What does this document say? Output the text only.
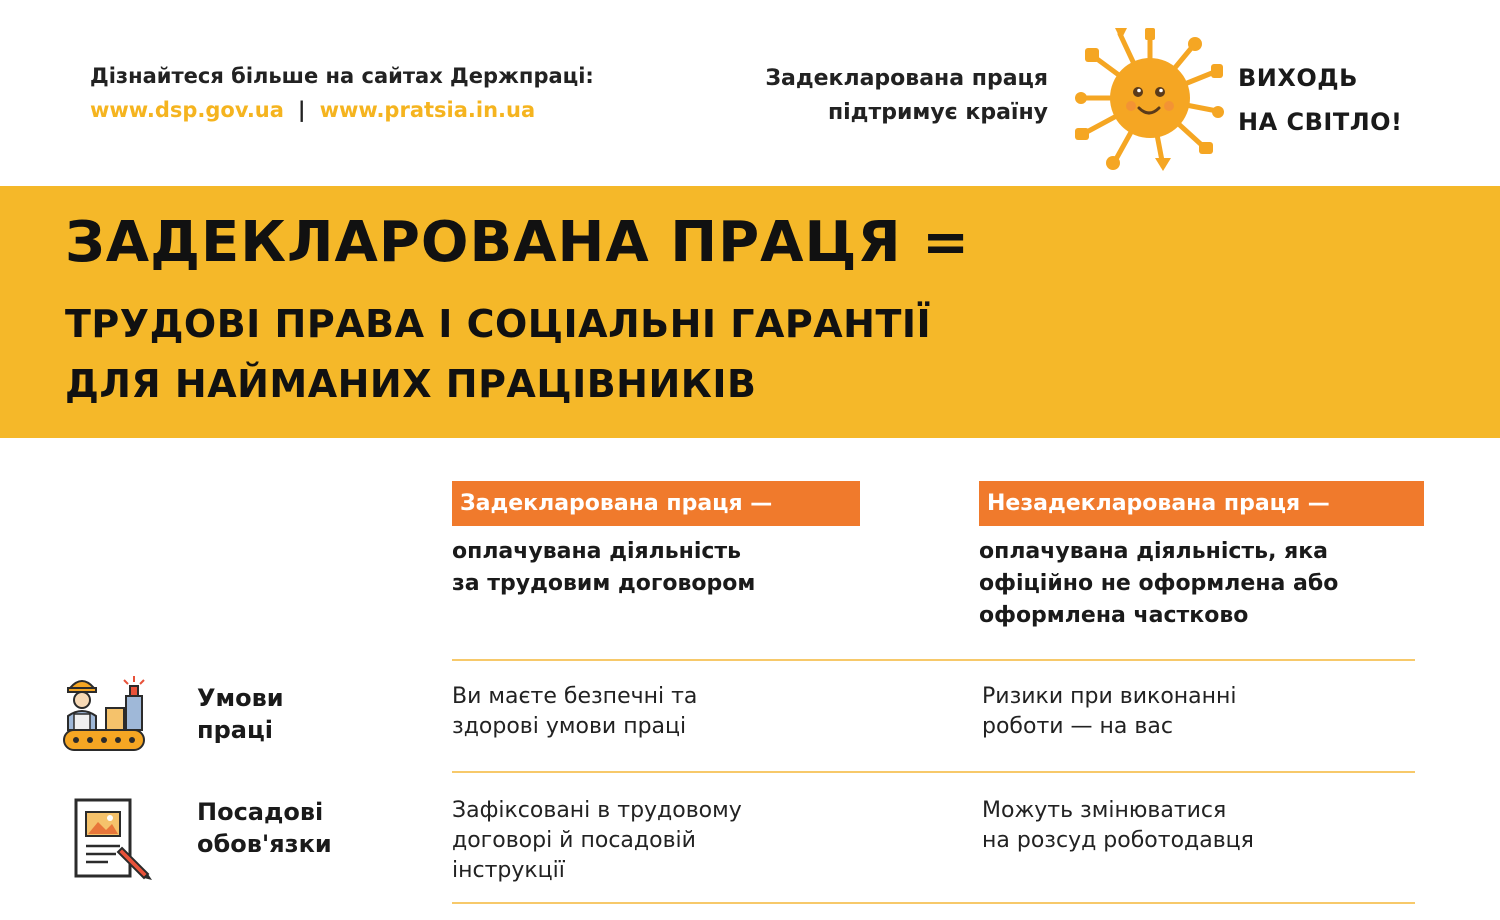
Дізнайтеся більше на сайтах Держпраці:

www.dsp.gov.ua | www.pratsia.in.ua
Задекларована праця
підтримує країну
ВИХОДЬ
НА СВІТЛО!
ЗАДЕКЛАРОВАНА ПРАЦЯ =
ТРУДОВІ ПРАВА І СОЦІАЛЬНІ ГАРАНТІЇ
ДЛЯ НАЙМАНИХ ПРАЦІВНИКІВ
Задекларована праця —	Незадекларована праця —
оплачувана діяльність
за трудовим договором
оплачувана діяльність, яка
офіційно не оформлена або
оформлена частково
Умови
праці
Ви маєте безпечні та
здорові умови праці
Ризики при виконанні
роботи — на вас
Посадові
обов'язки
Зафіксовані в трудовому
договорі й посадовій
інструкції
Можуть змінюватися
на розсуд роботодавця
